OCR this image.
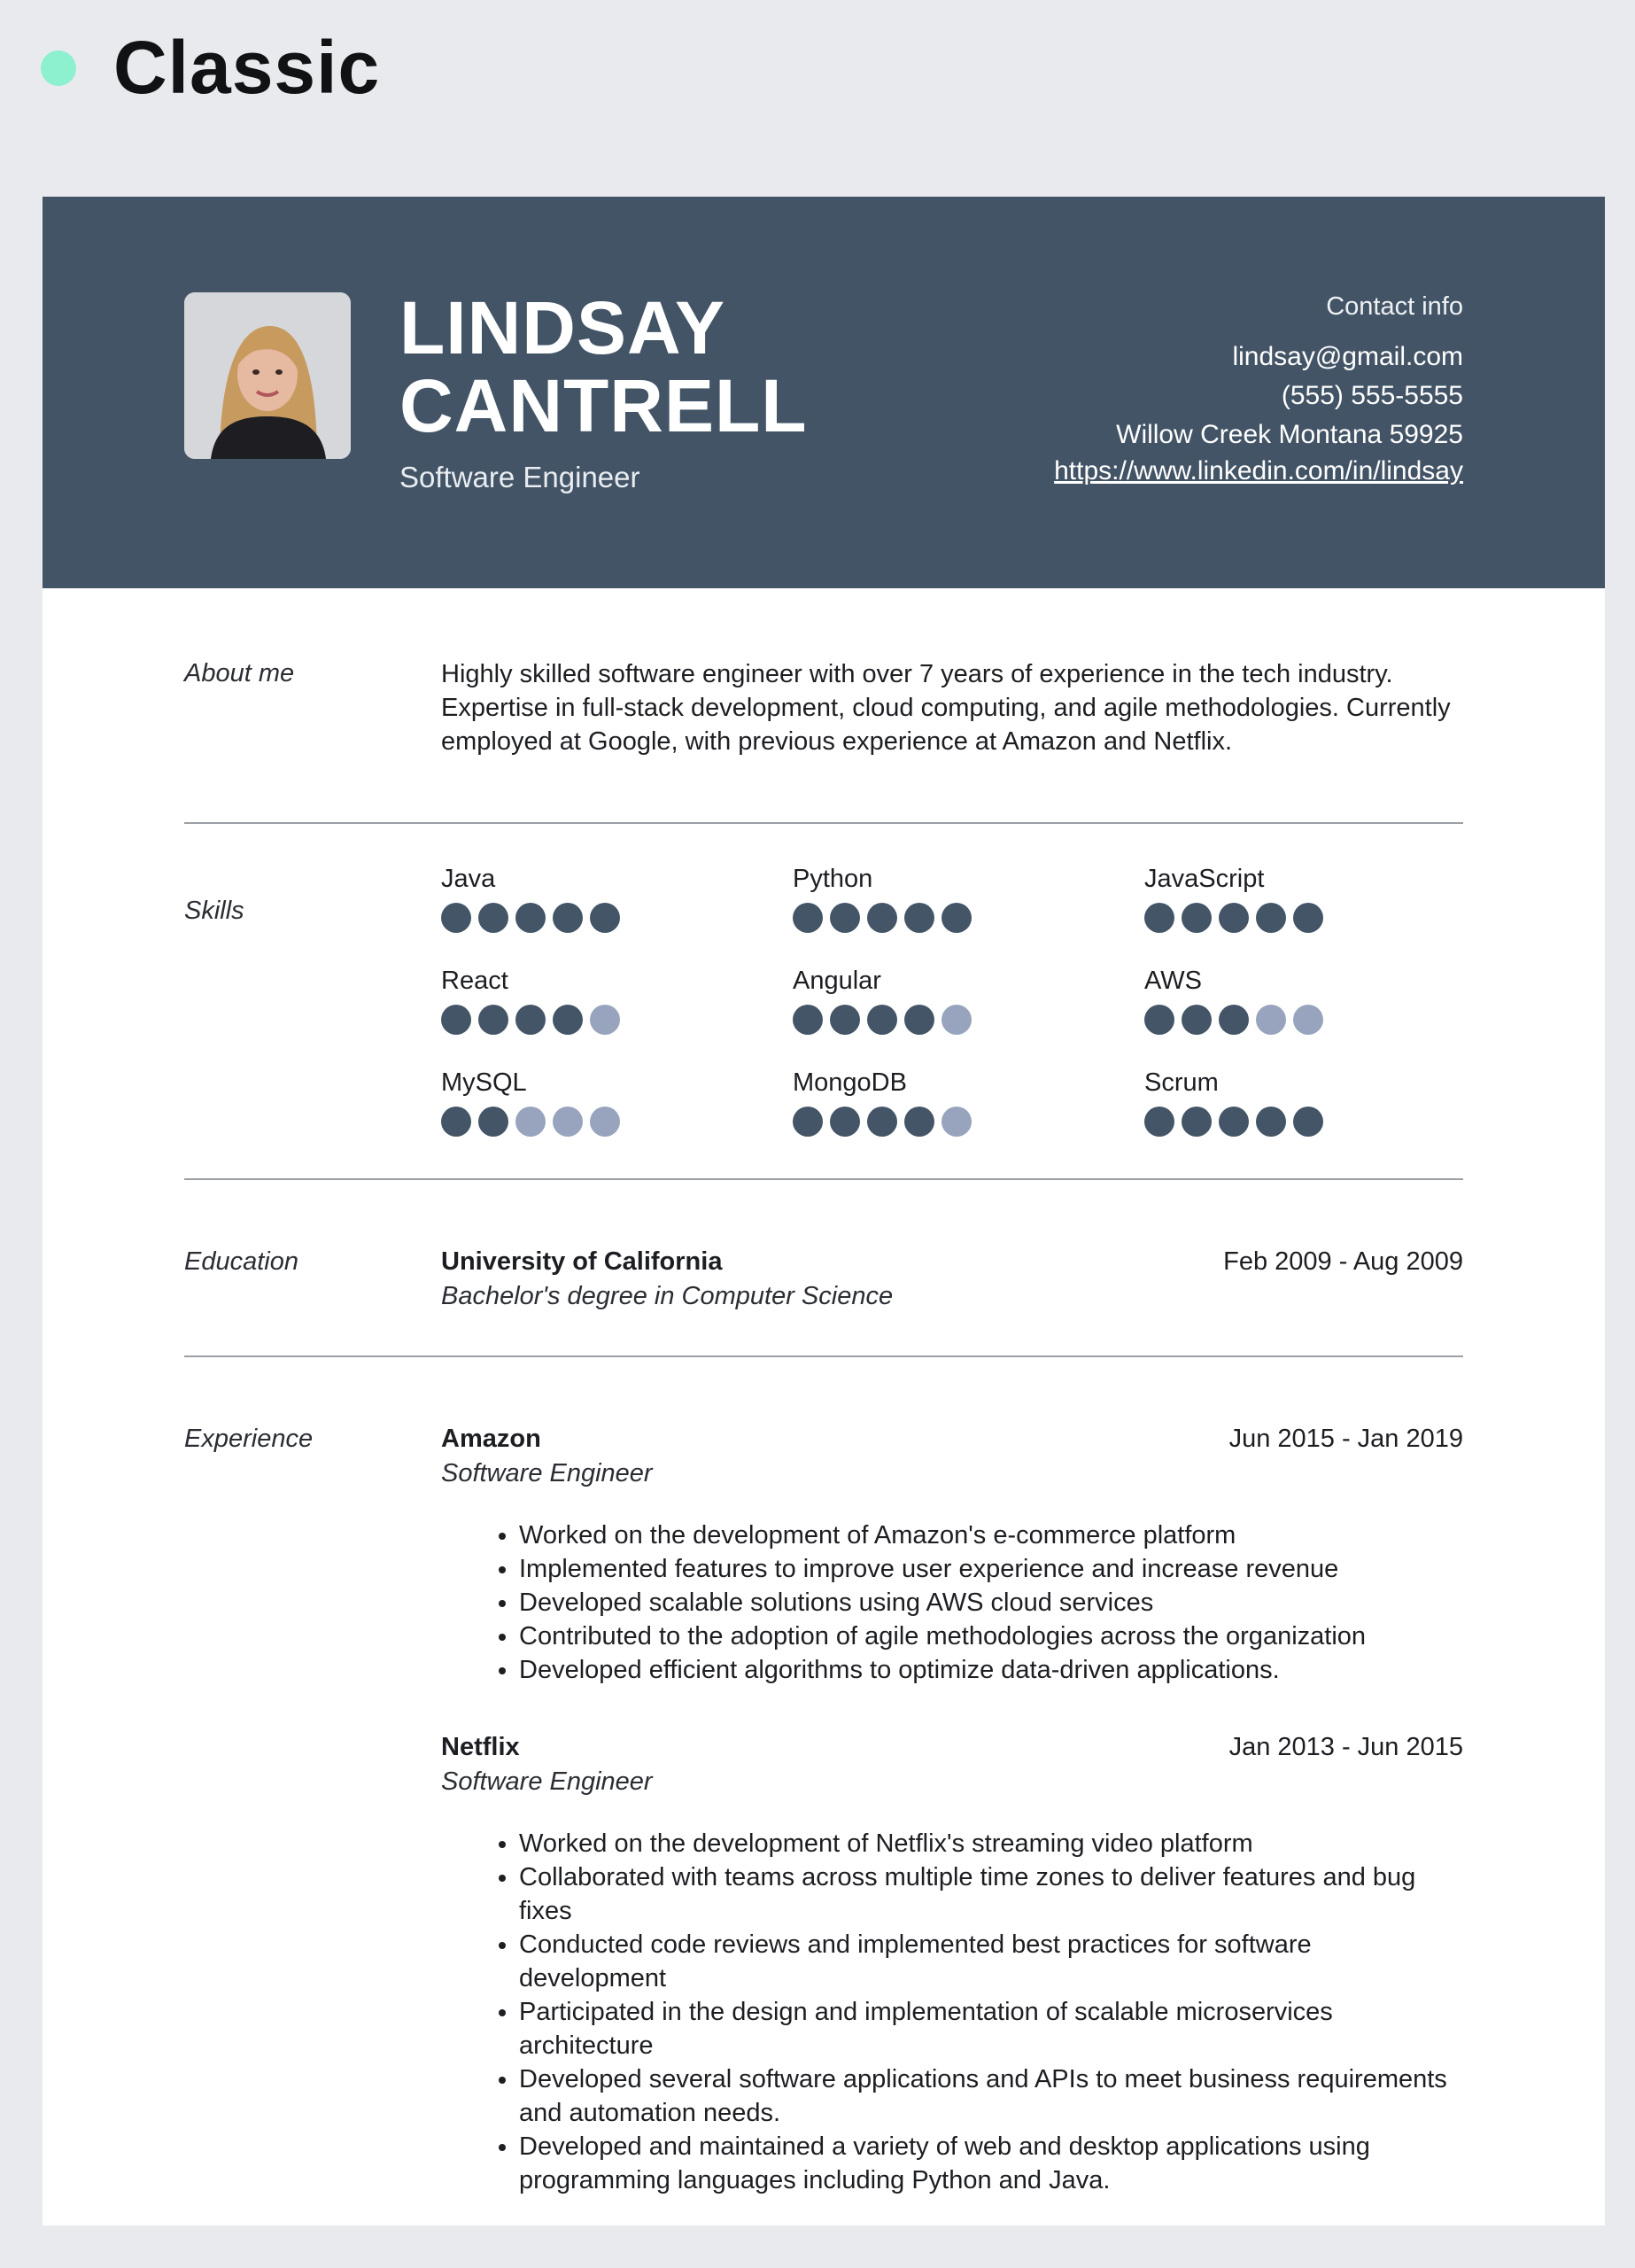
Classic
LINDSAY
CANTRELL
Software Engineer
Contact info
lindsay@gmail.com
(555) 555-5555
Willow Creek Montana 59925
https://www.linkedin.com/in/lindsay
About me	Highly skilled software engineer with over 7 years of experience in the tech industry. Expertise in full-stack development, cloud computing, and agile methodologies. Currently employed at Google, with previous experience at Amazon and Netflix.
Skills
Java	Python	JavaScript
React	Angular	AWS
MySQL	MongoDB	Scrum
Education	University of California	Feb 2009 - Aug 2009
Bachelor's degree in Computer Science
Experience	Amazon	Jun 2015 - Jan 2019
Software Engineer
• Worked on the development of Amazon's e-commerce platform
• Implemented features to improve user experience and increase revenue
• Developed scalable solutions using AWS cloud services
• Contributed to the adoption of agile methodologies across the organization
• Developed efficient algorithms to optimize data-driven applications.
Netflix	Jan 2013 - Jun 2015
Software Engineer
• Worked on the development of Netflix's streaming video platform
• Collaborated with teams across multiple time zones to deliver features and bug fixes
• Conducted code reviews and implemented best practices for software development
• Participated in the design and implementation of scalable microservices architecture
• Developed several software applications and APIs to meet business requirements and automation needs.
• Developed and maintained a variety of web and desktop applications using programming languages including Python and Java.
